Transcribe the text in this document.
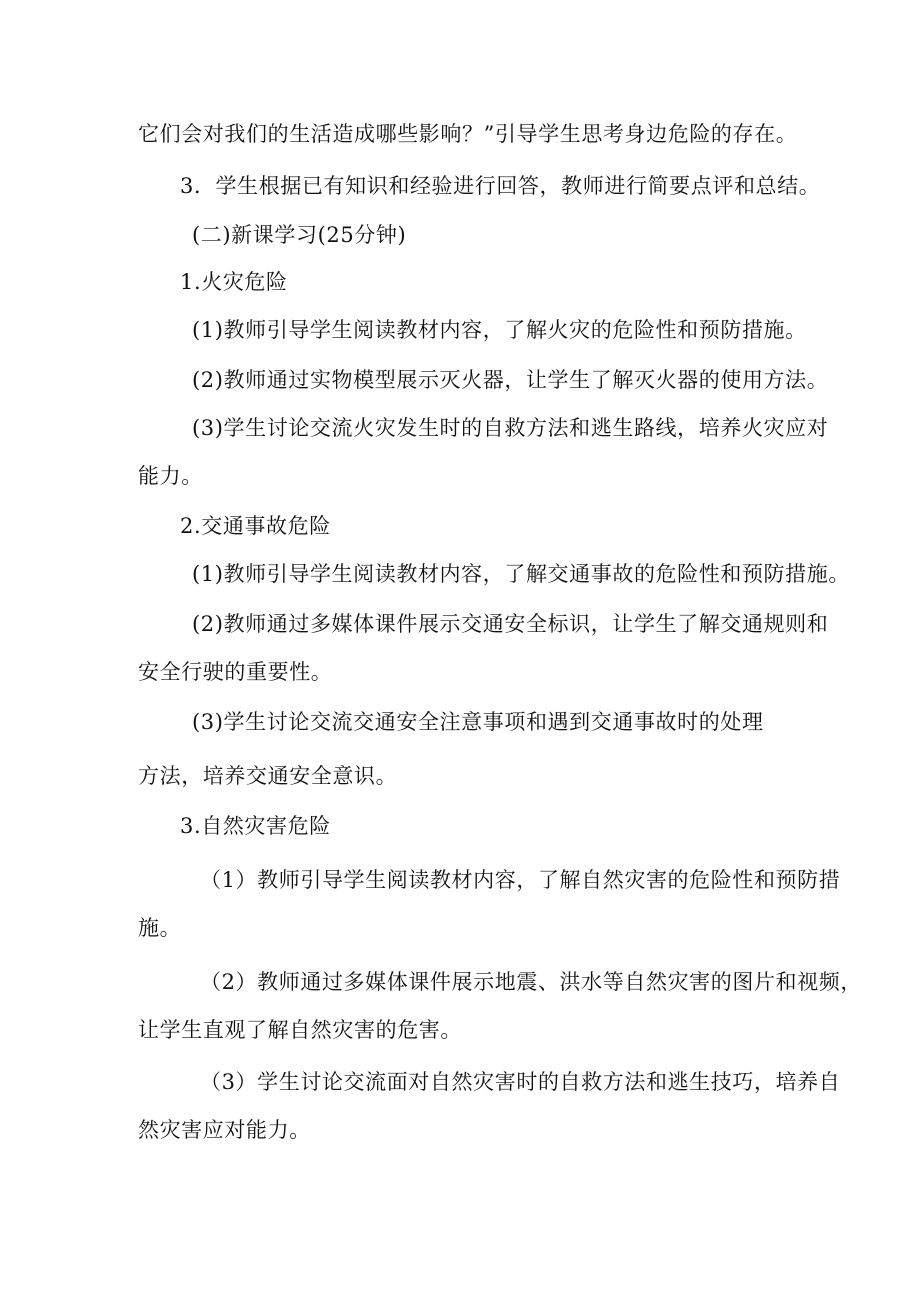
它们会对我们的生活造成哪些影响？”引导学生思考身边危险的存在。
3．学生根据已有知识和经验进行回答，教师进行简要点评和总结。
(二)新课学习(25分钟)
1.火灾危险
(1)教师引导学生阅读教材内容，了解火灾的危险性和预防措施。
(2)教师通过实物模型展示灭火器，让学生了解灭火器的使用方法。
(3)学生讨论交流火灾发生时的自救方法和逃生路线，培养火灾应对
能力。
2.交通事故危险
(1)教师引导学生阅读教材内容，了解交通事故的危险性和预防措施。
(2)教师通过多媒体课件展示交通安全标识，让学生了解交通规则和
安全行驶的重要性。
(3)学生讨论交流交通安全注意事项和遇到交通事故时的处理
方法，培养交通安全意识。
3.自然灾害危险
（1）教师引导学生阅读教材内容，了解自然灾害的危险性和预防措
施。
（2）教师通过多媒体课件展示地震、洪水等自然灾害的图片和视频，
让学生直观了解自然灾害的危害。
（3）学生讨论交流面对自然灾害时的自救方法和逃生技巧，培养自
然灾害应对能力。
